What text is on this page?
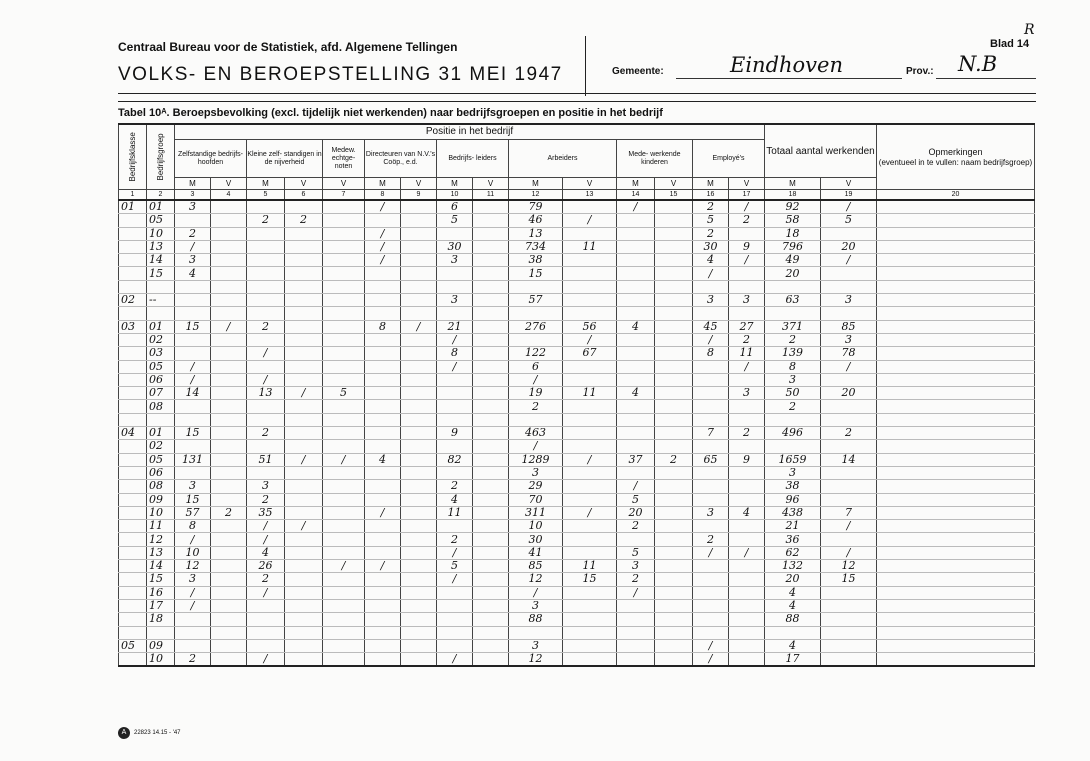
Centraal Bureau voor de Statistiek, afd. Algemene Tellingen
VOLKS- EN BEROEPSTELLING 31 MEI 1947
R
Blad 14
Gemeente:	Eindhoven	Prov.: N.B
Tabel 10ᴬ. Beroepsbevolking (excl. tijdelijk niet werkenden) naar bedrijfsgroepen en positie in het bedrijf
Bedrijfsklasse	Bedrijfsgroep	Positie in het bedrijf															Totaal aantal werkenden		Opmerkingen
(eventueel in te vullen: naam bedrijfsgroep)
		Zelfstandige bedrijfs- hoofden		Kleine zelf- standigen in de nijverheid		Medew. echtge- noten	Directeuren van N.V.'s Coöp., e.d.		Bedrijfs- leiders		Arbeiders		Mede- werkende kinderen		Employé's				
		M	V	M	V	V	M	V	M	V	M	V	M	V	M	V	M	V	
1	2	3	4	5	6	7	8	9	10	11	12	13	14	15	16	17	18	19	20
01	01	3					/		6		79		/		2	/	92	/	
	05			2	2				5		46	/			5	2	58	5	
	10	2					/				13				2		18		
	13	/					/		30		734	11			30	9	796	20	
	14	3					/		3		38				4	/	49	/	
	15	4									15				/		20		

02	--								3		57				3	3	63	3	

03	01	15	/	2			8	/	21		276	56	4		45	27	371	85	
	02								/			/			/	2	2	3	
	03			/					8		122	67			8	11	139	78	
	05	/							/		6					/	8	/	
	06	/		/							/						3		
	07	14		13	/	5					19	11	4			3	50	20	
	08										2						2		

04	01	15		2					9		463				7	2	496	2	
	02										/								
	05	131		51	/	/	4		82		1289	/	37	2	65	9	1659	14	
	06										3						3		
	08	3		3					2		29		/				38		
	09	15		2					4		70		5				96		
	10	57	2	35			/		11		311	/	20		3	4	438	7	
	11	8		/	/						10		2				21	/	
	12	/		/					2		30				2		36		
	13	10		4					/		41		5		/	/	62	/	
	14	12		26		/	/		5		85	11	3				132	12	
	15	3		2					/		12	15	2				20	15	
	16	/		/							/		/				4		
	17	/									3						4		
	18										88						88		

05	09										3				/		4		
	10	2		/					/		12				/		17		
A	22823 14.15 - '47
